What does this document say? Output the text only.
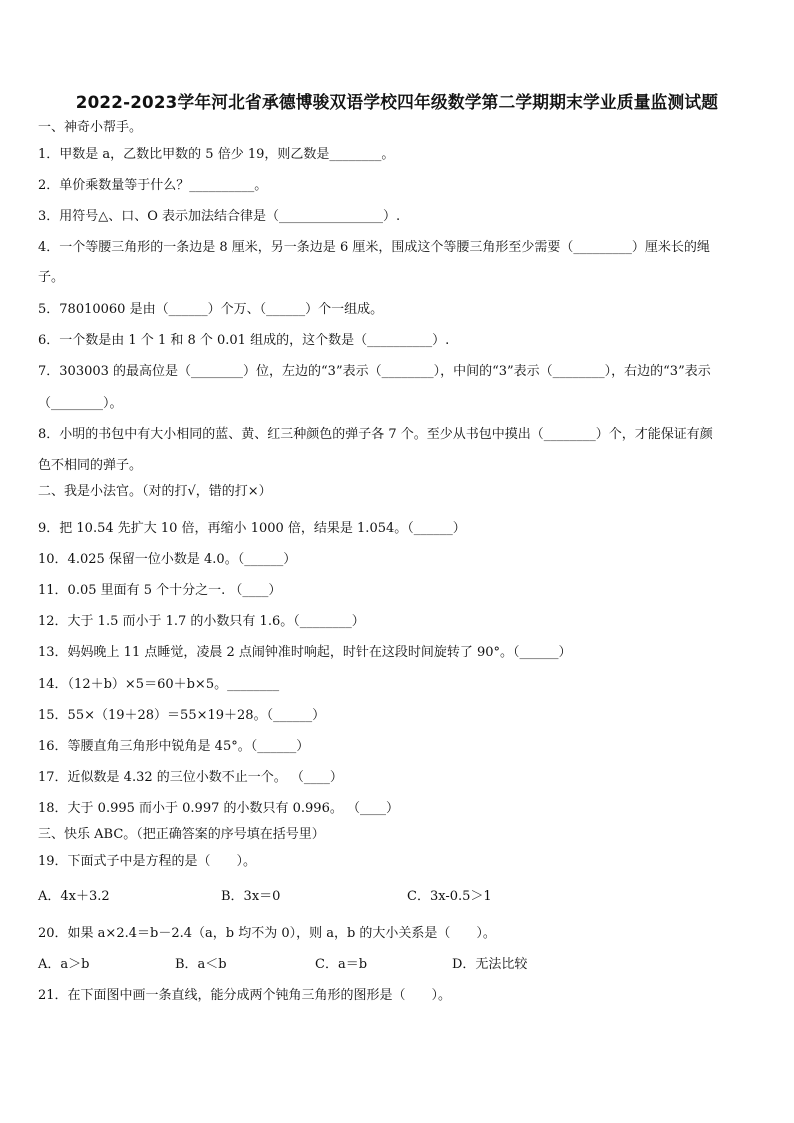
2022-2023学年河北省承德博骏双语学校四年级数学第二学期期末学业质量监测试题
一、神奇小帮手。
1．甲数是 a，乙数比甲数的 5 倍少 19，则乙数是________。
2．单价乘数量等于什么？__________。
3．用符号△、口、O 表示加法结合律是（________________）.
4．一个等腰三角形的一条边是 8 厘米，另一条边是 6 厘米，围成这个等腰三角形至少需要（_________）厘米长的绳
子。
5．78010060 是由（______）个万、（______）个一组成。
6．一个数是由 1 个 1 和 8 个 0.01 组成的，这个数是（__________）.
7．303003 的最高位是（________）位，左边的“3”表示（________），中间的“3”表示（________），右边的“3”表示
（________）。
8．小明的书包中有大小相同的蓝、黄、红三种颜色的弹子各 7 个。至少从书包中摸出（________）个，才能保证有颜
色不相同的弹子。
二、我是小法官。（对的打√，错的打×）
9．把 10.54 先扩大 10 倍，再缩小 1000 倍，结果是 1.054。（______）
10．4.025 保留一位小数是 4.0。（______）
11．0.05 里面有 5 个十分之一. （____）
12．大于 1.5 而小于 1.7 的小数只有 1.6。（________）
13．妈妈晚上 11 点睡觉，凌晨 2 点闹钟准时响起，时针在这段时间旋转了 90°。（______）
14．（12＋b）×5＝60＋b×5。________
15．55×（19＋28）＝55×19＋28。（______）
16．等腰直角三角形中锐角是 45°。（______）
17．近似数是 4.32 的三位小数不止一个。 （____）
18．大于 0.995 而小于 0.997 的小数只有 0.996。 （____）
三、快乐 ABC。（把正确答案的序号填在括号里）
19．下面式子中是方程的是（　　）。
A．4x＋3.2	B．3x＝0	C．3x-0.5＞1
20．如果 a×2.4＝b－2.4（a，b 均不为 0），则 a，b 的大小关系是（　　）。
A．a＞b	B．a＜b	C．a＝b	D．无法比较
21．在下面图中画一条直线，能分成两个钝角三角形的图形是（　　）。
